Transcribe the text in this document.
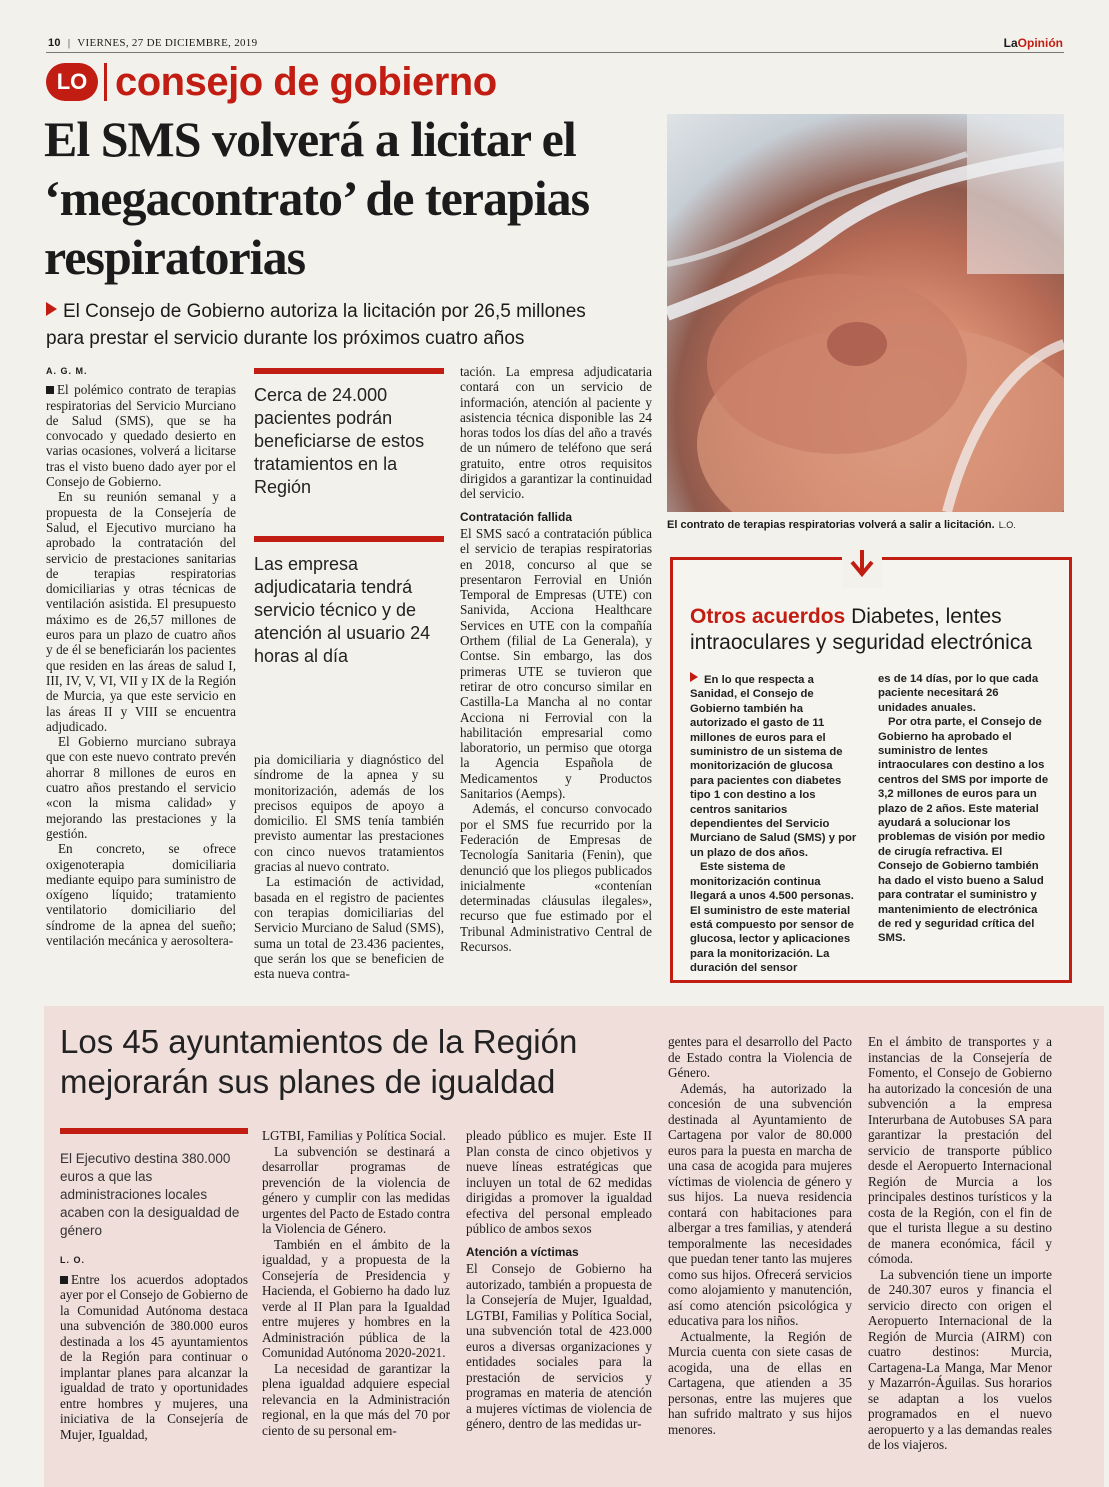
10 | VIERNES, 27 DE DICIEMBRE, 2019	LaOpinión
LO consejo de gobierno
El SMS volverá a licitar el ‘megacontrato’ de terapias respiratorias
El Consejo de Gobierno autoriza la licitación por 26,5 millones para prestar el servicio durante los próximos cuatro años
El contrato de terapias respiratorias volverá a salir a licitación. L.O.
A. G. M.

El polémico contrato de terapias respiratorias del Servicio Murciano de Salud (SMS), que se ha convocado y quedado desierto en varias ocasiones, volverá a licitarse tras el visto bueno dado ayer por el Consejo de Gobierno.

En su reunión semanal y a propuesta de la Consejería de Salud, el Ejecutivo murciano ha aprobado la contratación del servicio de prestaciones sanitarias de terapias respiratorias domiciliarias y otras técnicas de ventilación asistida. El presupuesto máximo es de 26,57 millones de euros para un plazo de cuatro años y de él se beneficiarán los pacientes que residen en las áreas de salud I, III, IV, V, VI, VII y IX de la Región de Murcia, ya que este servicio en las áreas II y VIII se encuentra adjudicado.

El Gobierno murciano subraya que con este nuevo contrato prevén ahorrar 8 millones de euros en cuatro años prestando el servicio «con la misma calidad» y mejorando las prestaciones y la gestión.

En concreto, se ofrece oxigenoterapia domiciliaria mediante equipo para suministro de oxígeno líquido; tratamiento ventilatorio domiciliario del síndrome de la apnea del sueño; ventilación mecánica y aerosoltera-

Cerca de 24.000 pacientes podrán beneficiarse de estos tratamientos en la Región
Las empresa adjudicataria tendrá servicio técnico y de atención al usuario 24 horas al día

pia domiciliaria y diagnóstico del síndrome de la apnea y su monitorización, además de los precisos equipos de apoyo a domicilio. El SMS tenía también previsto aumentar las prestaciones con cinco nuevos tratamientos gracias al nuevo contrato.

La estimación de actividad, basada en el registro de pacientes con terapias domiciliarias del Servicio Murciano de Salud (SMS), suma un total de 23.436 pacientes, que serán los que se beneficien de esta nueva contra-

tación. La empresa adjudicataria contará con un servicio de información, atención al paciente y asistencia técnica disponible las 24 horas todos los días del año a través de un número de teléfono que será gratuito, entre otros requisitos dirigidos a garantizar la continuidad del servicio.

Contratación fallida

El SMS sacó a contratación pública el servicio de terapias respiratorias en 2018, concurso al que se presentaron Ferrovial en Unión Temporal de Empresas (UTE) con Sanivida, Acciona Healthcare Services en UTE con la compañía Orthem (filial de La Generala), y Contse. Sin embargo, las dos primeras UTE se tuvieron que retirar de otro concurso similar en Castilla-La Mancha al no contar Acciona ni Ferrovial con la habilitación empresarial como laboratorio, un permiso que otorga la Agencia Española de Medicamentos y Productos Sanitarios (Aemps).

Además, el concurso convocado por el SMS fue recurrido por la Federación de Empresas de Tecnología Sanitaria (Fenin), que denunció que los pliegos publicados inicialmente «contenían determinadas cláusulas ilegales», recurso que fue estimado por el Tribunal Administrativo Central de Recursos.

Otros acuerdos Diabetes, lentes intraoculares y seguridad electrónica

En lo que respecta a Sanidad, el Consejo de Gobierno también ha autorizado el gasto de 11 millones de euros para el suministro de un sistema de monitorización de glucosa para pacientes con diabetes tipo 1 con destino a los centros sanitarios dependientes del Servicio Murciano de Salud (SMS) y por un plazo de dos años.

Este sistema de monitorización continua llegará a unos 4.500 personas. El suministro de este material está compuesto por sensor de glucosa, lector y aplicaciones para la monitorización. La duración del sensor

es de 14 días, por lo que cada paciente necesitará 26 unidades anuales.

Por otra parte, el Consejo de Gobierno ha aprobado el suministro de lentes intraoculares con destino a los centros del SMS por importe de 3,2 millones de euros para un plazo de 2 años. Este material ayudará a solucionar los problemas de visión por medio de cirugía refractiva. El Consejo de Gobierno también ha dado el visto bueno a Salud para contratar el suministro y mantenimiento de electrónica de red y seguridad crítica del SMS.

Los 45 ayuntamientos de la Región mejorarán sus planes de igualdad
El Ejecutivo destina 380.000 euros a que las administraciones locales acaben con la desigualdad de género
L. O.

Entre los acuerdos adoptados ayer por el Consejo de Gobierno de la Comunidad Autónoma destaca una subvención de 380.000 euros destinada a los 45 ayuntamientos de la Región para continuar o implantar planes para alcanzar la igualdad de trato y oportunidades entre hombres y mujeres, una iniciativa de la Consejería de Mujer, Igualdad,

LGTBI, Familias y Política Social.

La subvención se destinará a desarrollar programas de prevención de la violencia de género y cumplir con las medidas urgentes del Pacto de Estado contra la Violencia de Género.

También en el ámbito de la igualdad, y a propuesta de la Consejería de Presidencia y Hacienda, el Gobierno ha dado luz verde al II Plan para la Igualdad entre mujeres y hombres en la Administración pública de la Comunidad Autónoma 2020-2021.

La necesidad de garantizar la plena igualdad adquiere especial relevancia en la Administración regional, en la que más del 70 por ciento de su personal em-

pleado público es mujer. Este II Plan consta de cinco objetivos y nueve líneas estratégicas que incluyen un total de 62 medidas dirigidas a promover la igualdad efectiva del personal empleado público de ambos sexos

Atención a víctimas

El Consejo de Gobierno ha autorizado, también a propuesta de la Consejería de Mujer, Igualdad, LGTBI, Familias y Política Social, una subvención total de 423.000 euros a diversas organizaciones y entidades sociales para la prestación de servicios y programas en materia de atención a mujeres víctimas de violencia de género, dentro de las medidas ur-

gentes para el desarrollo del Pacto de Estado contra la Violencia de Género.

Además, ha autorizado la concesión de una subvención destinada al Ayuntamiento de Cartagena por valor de 80.000 euros para la puesta en marcha de una casa de acogida para mujeres víctimas de violencia de género y sus hijos. La nueva residencia contará con habitaciones para albergar a tres familias, y atenderá temporalmente las necesidades que puedan tener tanto las mujeres como sus hijos. Ofrecerá servicios como alojamiento y manutención, así como atención psicológica y educativa para los niños.

Actualmente, la Región de Murcia cuenta con siete casas de acogida, una de ellas en Cartagena, que atienden a 35 personas, entre las mujeres que han sufrido maltrato y sus hijos menores.

En el ámbito de transportes y a instancias de la Consejería de Fomento, el Consejo de Gobierno ha autorizado la concesión de una subvención a la empresa Interurbana de Autobuses SA para garantizar la prestación del servicio de transporte público desde el Aeropuerto Internacional Región de Murcia a los principales destinos turísticos y la costa de la Región, con el fin de que el turista llegue a su destino de manera económica, fácil y cómoda.

La subvención tiene un importe de 240.307 euros y financia el servicio directo con origen el Aeropuerto Internacional de la Región de Murcia (AIRM) con cuatro destinos: Murcia, Cartagena-La Manga, Mar Menor y Mazarrón-Águilas. Sus horarios se adaptan a los vuelos programados en el nuevo aeropuerto y a las demandas reales de los viajeros.
